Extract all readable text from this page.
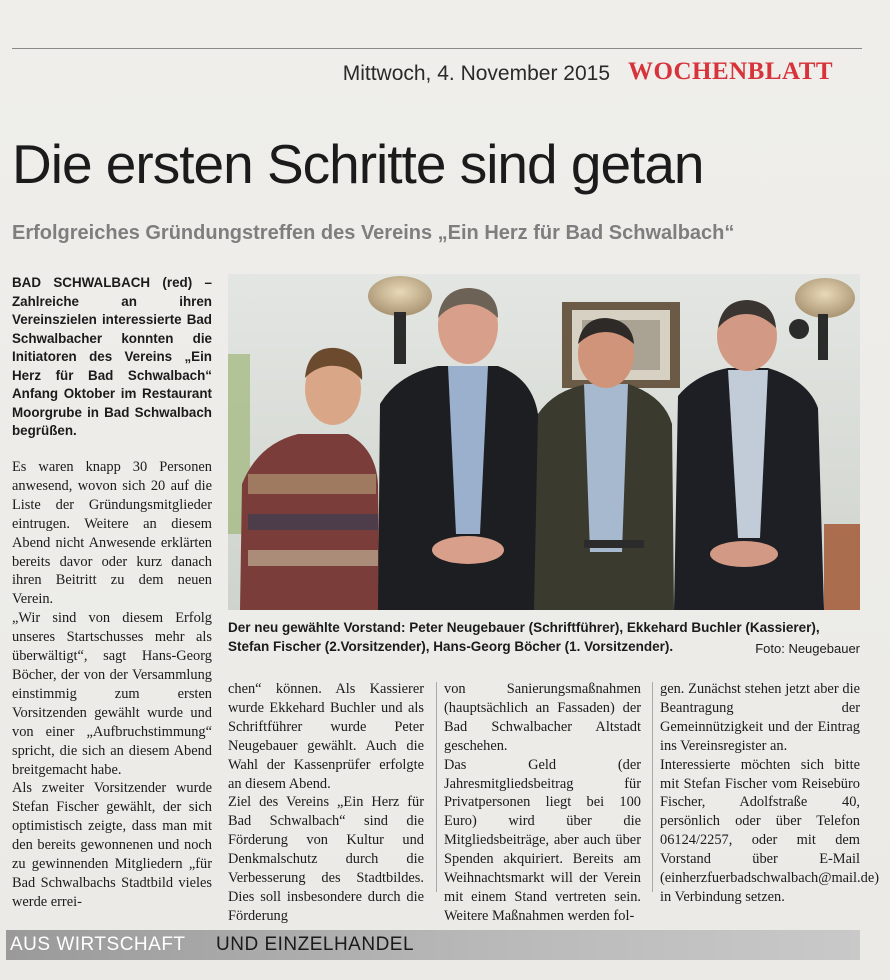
Mittwoch, 4. November 2015 WOCHENBLATT
Die ersten Schritte sind getan
Erfolgreiches Gründungstreffen des Vereins „Ein Herz für Bad Schwalbach“

BAD SCHWALBACH (red) – Zahlreiche an ihren Vereinszielen interessierte Bad Schwalbacher konnten die Initiatoren des Vereins „Ein Herz für Bad Schwalbach“ Anfang Oktober im Restaurant Moorgrube in Bad Schwalbach begrüßen.

Es waren knapp 30 Personen anwesend, wovon sich 20 auf die Liste der Gründungsmitglieder eintrugen. Weitere an diesem Abend nicht Anwesende erklärten bereits davor oder kurz danach ihren Beitritt zu dem neuen Verein.

„Wir sind von diesem Erfolg unseres Startschusses mehr als überwältigt“, sagt Hans-Georg Böcher, der von der Versammlung einstimmig zum ersten Vorsitzenden gewählt wurde und von einer „Aufbruchstimmung“ spricht, die sich an diesem Abend breitgemacht habe.

Als zweiter Vorsitzender wurde Stefan Fischer gewählt, der sich optimistisch zeigte, dass man mit den bereits gewonnenen und noch zu gewinnenden Mitgliedern „für Bad Schwalbachs Stadtbild vieles werde errei-

Der neu gewählte Vorstand: Peter Neugebauer (Schriftführer), Ekkehard Buchler (Kassierer), Stefan Fischer (2.Vorsitzender), Hans-Georg Böcher (1. Vorsitzender).	Foto: Neugebauer

chen“ können. Als Kassierer wurde Ekkehard Buchler und als Schriftführer wurde Peter Neugebauer gewählt. Auch die Wahl der Kassenprüfer erfolgte an diesem Abend.

Ziel des Vereins „Ein Herz für Bad Schwalbach“ sind die Förderung von Kultur und Denkmalschutz durch die Verbesserung des Stadtbildes. Dies soll insbesondere durch die Förderung

von Sanierungsmaßnahmen (hauptsächlich an Fassaden) der Bad Schwalbacher Altstadt geschehen.

Das Geld (der Jahresmitgliedsbeitrag für Privatpersonen liegt bei 100 Euro) wird über die Mitgliedsbeiträge, aber auch über Spenden akquiriert. Bereits am Weihnachtsmarkt will der Verein mit einem Stand vertreten sein. Weitere Maßnahmen werden fol-

gen. Zunächst stehen jetzt aber die Beantragung der Gemeinnützigkeit und der Eintrag ins Vereinsregister an.

Interessierte möchten sich bitte mit Stefan Fischer vom Reisebüro Fischer, Adolfstraße 40, persönlich oder über Telefon 06124/2257, oder mit dem Vorstand über E-Mail (einherzfuerbadschwalbach@mail.de) in Verbindung setzen.

AUS WIRTSCHAFT UND EINZELHANDEL
